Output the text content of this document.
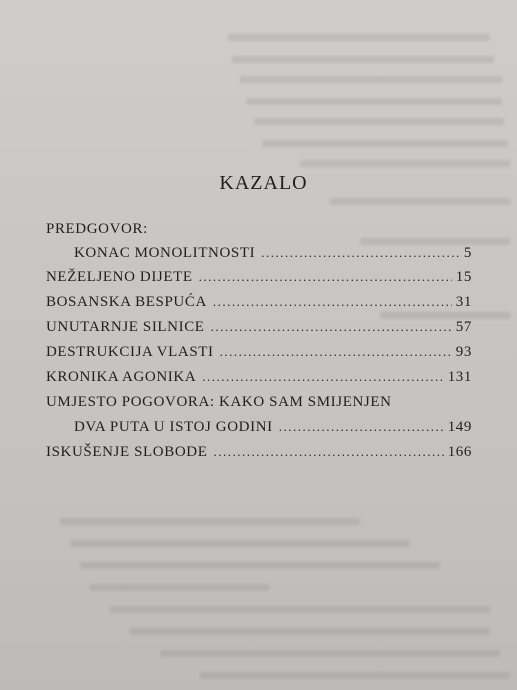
KAZALO
PREDGOVOR:
KONAC MONOLITNOSTI .....	5
NEŽELJENO DIJETE .....	15
BOSANSKA BESPUĆA .....	31
UNUTARNJE SILNICE .....	57
DESTRUKCIJA VLASTI .....	93
KRONIKA AGONIKA .....	131
UMJESTO POGOVORA: KAKO SAM SMIJENJEN
DVA PUTA U ISTOJ GODINI .....	149
ISKUŠENJE SLOBODE .....	166
